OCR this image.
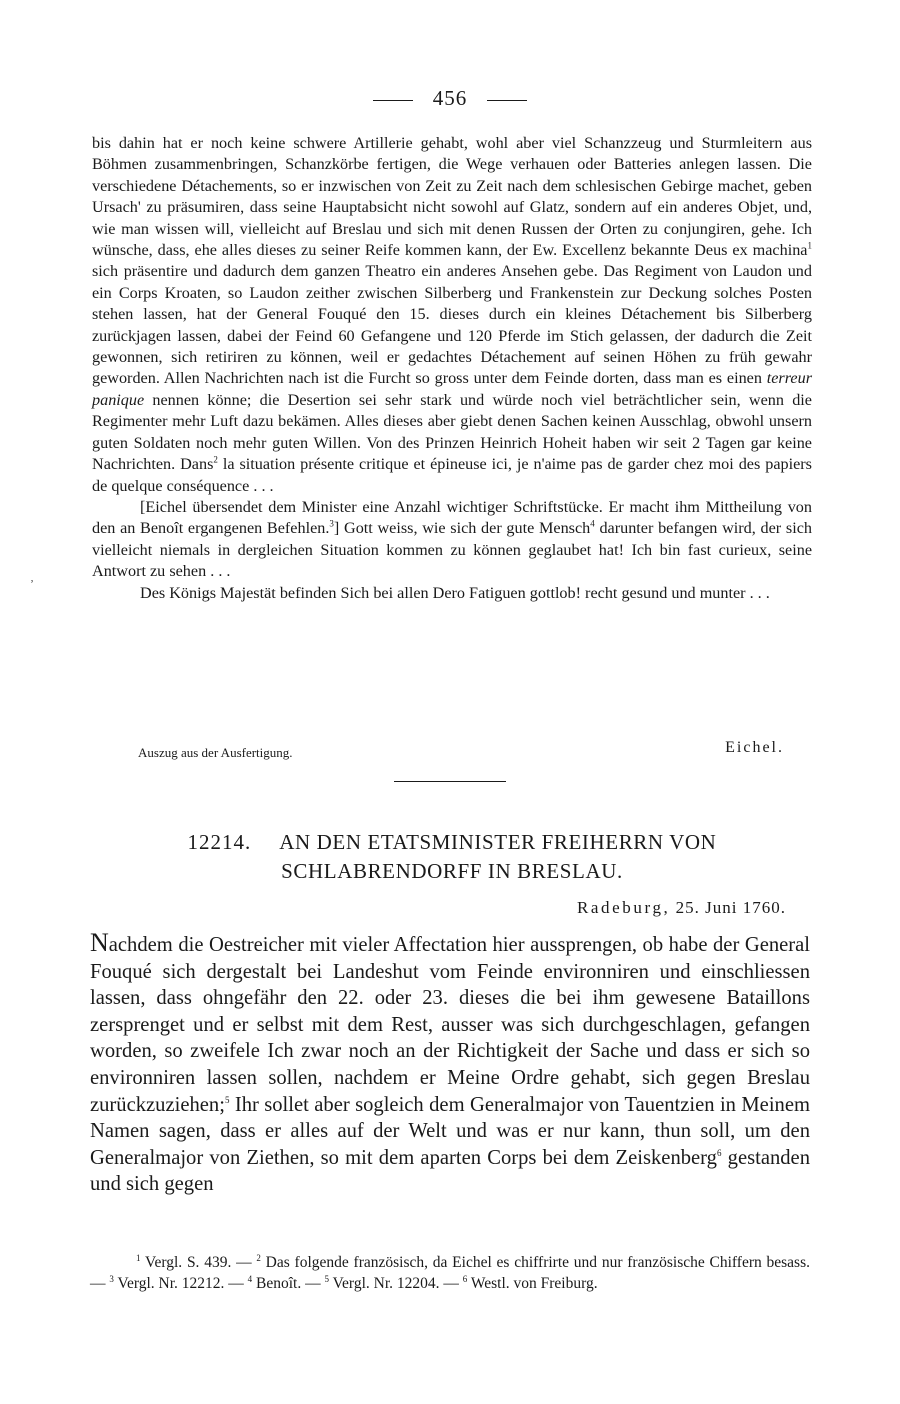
456
‚

bis dahin hat er noch keine schwere Artillerie gehabt, wohl aber viel Schanzzeug und Sturmleitern aus Böhmen zusammenbringen, Schanzkörbe fertigen, die Wege verhauen oder Batteries anlegen lassen. Die verschiedene Détachements, so er inzwischen von Zeit zu Zeit nach dem schlesischen Gebirge machet, geben Ursach' zu präsumiren, dass seine Hauptabsicht nicht sowohl auf Glatz, sondern auf ein anderes Objet, und, wie man wissen will, vielleicht auf Breslau und sich mit denen Russen der Orten zu conjungiren, gehe. Ich wünsche, dass, ehe alles dieses zu seiner Reife kommen kann, der Ew. Excellenz bekannte Deus ex machina$^1$ sich präsentire und dadurch dem ganzen Theatro ein anderes Ansehen gebe. Das Regiment von Laudon und ein Corps Kroaten, so Laudon zeither zwischen Silberberg und Frankenstein zur Deckung solches Posten stehen lassen, hat der General Fouqué den 15. dieses durch ein kleines Détachement bis Silberberg zurückjagen lassen, dabei der Feind 60 Gefangene und 120 Pferde im Stich gelassen, der dadurch die Zeit gewonnen, sich retiriren zu können, weil er gedachtes Détachement auf seinen Höhen zu früh gewahr geworden. Allen Nachrichten nach ist die Furcht so gross unter dem Feinde dorten, dass man es einen terreur panique nennen könne; die Desertion sei sehr stark und würde noch viel beträchtlicher sein, wenn die Regimenter mehr Luft dazu bekämen. Alles dieses aber giebt denen Sachen keinen Ausschlag, obwohl unsern guten Soldaten noch mehr guten Willen. Von des Prinzen Heinrich Hoheit haben wir seit 2 Tagen gar keine Nachrichten. Dans$^2$ la situation présente critique et épineuse ici, je n'aime pas de garder chez moi des papiers de quelque conséquence . . .

[Eichel übersendet dem Minister eine Anzahl wichtiger Schriftstücke. Er macht ihm Mittheilung von den an Benoît ergangenen Befehlen.$^3$] Gott weiss, wie sich der gute Mensch$^4$ darunter befangen wird, der sich vielleicht niemals in dergleichen Situation kommen zu können geglaubet hat! Ich bin fast curieux, seine Antwort zu sehen . . .

Des Königs Majestät befinden Sich bei allen Dero Fatiguen gottlob! recht gesund und munter . . .

Auszug aus der Ausfertigung.	Eichel.
12214. AN DEN ETATSMINISTER FREIHERRN VON
SCHLABRENDORFF IN BRESLAU.
Radeburg, 25. Juni 1760.

Nachdem die Oestreicher mit vieler Affectation hier aussprengen, ob habe der General Fouqué sich dergestalt bei Landeshut vom Feinde environniren und einschliessen lassen, dass ohngefähr den 22. oder 23. dieses die bei ihm gewesene Bataillons zersprenget und er selbst mit dem Rest, ausser was sich durchgeschlagen, gefangen worden, so zweifele Ich zwar noch an der Richtigkeit der Sache und dass er sich so environniren lassen sollen, nachdem er Meine Ordre gehabt, sich gegen Breslau zurückzuziehen;$^5$ Ihr sollet aber sogleich dem Generalmajor von Tauentzien in Meinem Namen sagen, dass er alles auf der Welt und was er nur kann, thun soll, um den Generalmajor von Ziethen, so mit dem aparten Corps bei dem Zeiskenberg$^6$ gestanden und sich gegen

$^1$ Vergl. S. 439. — $^2$ Das folgende französisch, da Eichel es chiffrirte und nur französische Chiffern besass. — $^3$ Vergl. Nr. 12212. — $^4$ Benoît. — $^5$ Vergl. Nr. 12204. — $^6$ Westl. von Freiburg.
